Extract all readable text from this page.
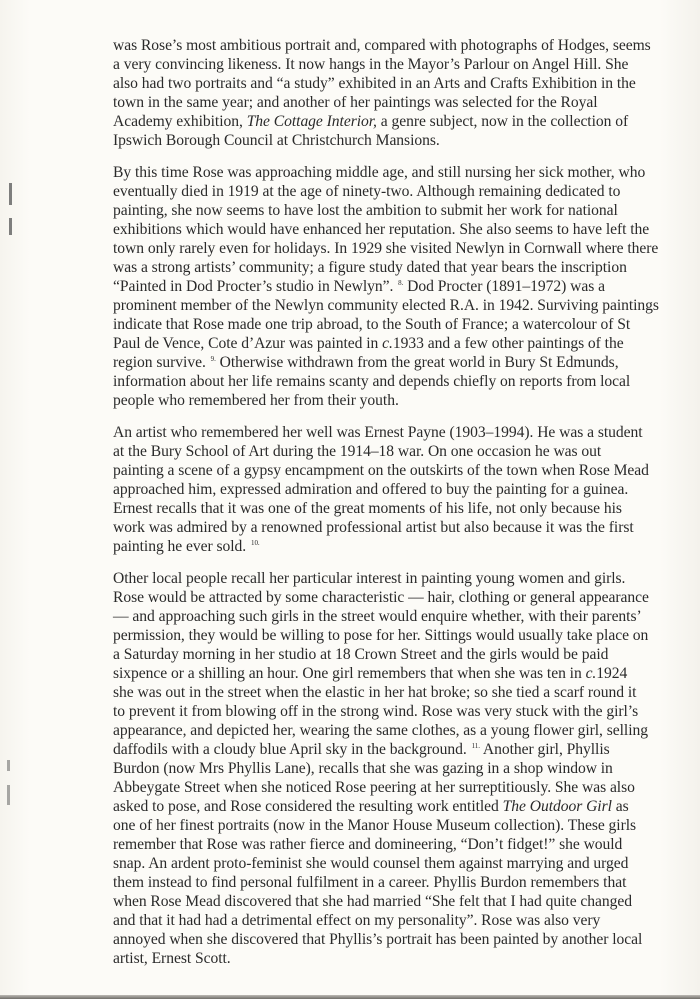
was Rose’s most ambitious portrait and, compared with photographs of Hodges, seems
a very convincing likeness. It now hangs in the Mayor’s Parlour on Angel Hill. She
also had two portraits and “a study” exhibited in an Arts and Crafts Exhibition in the
town in the same year; and another of her paintings was selected for the Royal
Academy exhibition, The Cottage Interior, a genre subject, now in the collection of
Ipswich Borough Council at Christchurch Mansions.

By this time Rose was approaching middle age, and still nursing her sick mother, who
eventually died in 1919 at the age of ninety-two. Although remaining dedicated to
painting, she now seems to have lost the ambition to submit her work for national
exhibitions which would have enhanced her reputation. She also seems to have left the
town only rarely even for holidays. In 1929 she visited Newlyn in Cornwall where there
was a strong artists’ community; a figure study dated that year bears the inscription
“Painted in Dod Procter’s studio in Newlyn”. $^{8.}$ Dod Procter (1891–1972) was a
prominent member of the Newlyn community elected R.A. in 1942. Surviving paintings
indicate that Rose made one trip abroad, to the South of France; a watercolour of St
Paul de Vence, Cote d’Azur was painted in c.1933 and a few other paintings of the
region survive. $^{9.}$ Otherwise withdrawn from the great world in Bury St Edmunds,
information about her life remains scanty and depends chiefly on reports from local
people who remembered her from their youth.

An artist who remembered her well was Ernest Payne (1903–1994). He was a student
at the Bury School of Art during the 1914–18 war. On one occasion he was out
painting a scene of a gypsy encampment on the outskirts of the town when Rose Mead
approached him, expressed admiration and offered to buy the painting for a guinea.
Ernest recalls that it was one of the great moments of his life, not only because his
work was admired by a renowned professional artist but also because it was the first
painting he ever sold. $^{10.}$

Other local people recall her particular interest in painting young women and girls.
Rose would be attracted by some characteristic — hair, clothing or general appearance
— and approaching such girls in the street would enquire whether, with their parents’
permission, they would be willing to pose for her. Sittings would usually take place on
a Saturday morning in her studio at 18 Crown Street and the girls would be paid
sixpence or a shilling an hour. One girl remembers that when she was ten in c.1924
she was out in the street when the elastic in her hat broke; so she tied a scarf round it
to prevent it from blowing off in the strong wind. Rose was very stuck with the girl’s
appearance, and depicted her, wearing the same clothes, as a young flower girl, selling
daffodils with a cloudy blue April sky in the background. $^{11.}$ Another girl, Phyllis
Burdon (now Mrs Phyllis Lane), recalls that she was gazing in a shop window in
Abbeygate Street when she noticed Rose peering at her surreptitiously. She was also
asked to pose, and Rose considered the resulting work entitled The Outdoor Girl as
one of her finest portraits (now in the Manor House Museum collection). These girls
remember that Rose was rather fierce and domineering, “Don’t fidget!” she would
snap. An ardent proto-feminist she would counsel them against marrying and urged
them instead to find personal fulfilment in a career. Phyllis Burdon remembers that
when Rose Mead discovered that she had married “She felt that I had quite changed
and that it had had a detrimental effect on my personality”. Rose was also very
annoyed when she discovered that Phyllis’s portrait has been painted by another local
artist, Ernest Scott.
